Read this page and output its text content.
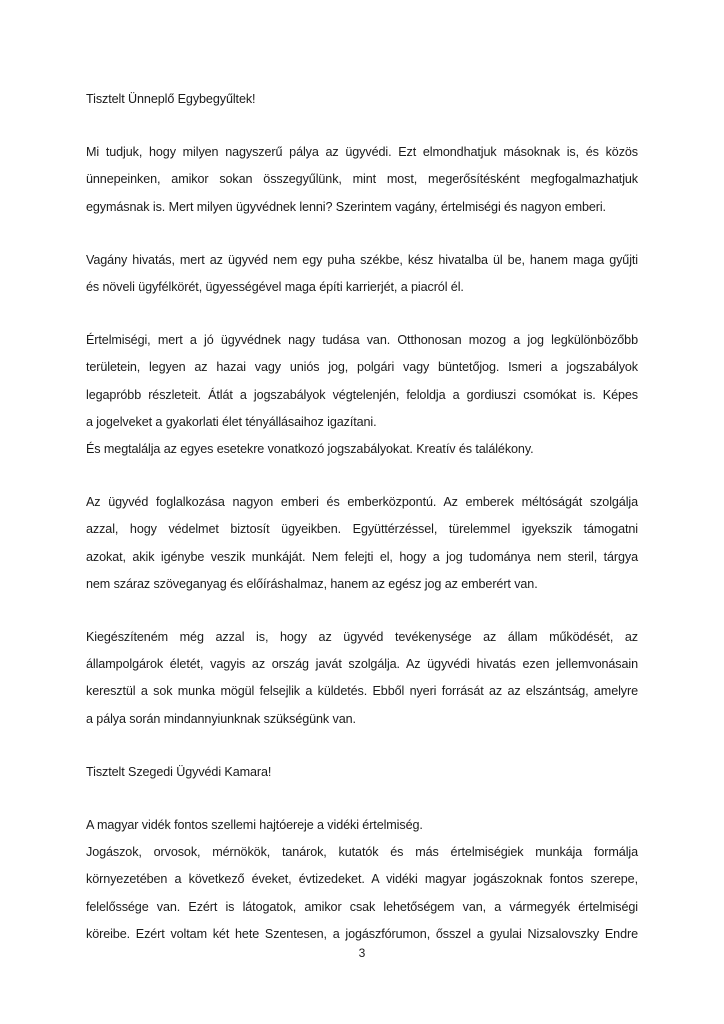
Tisztelt Ünneplő Egybegyűltek!

Mi tudjuk, hogy milyen nagyszerű pálya az ügyvédi. Ezt elmondhatjuk másoknak is, és közös
ünnepeinken, amikor sokan összegyűlünk, mint most, megerősítésként megfogalmazhatjuk
egymásnak is. Mert milyen ügyvédnek lenni? Szerintem vagány, értelmiségi és nagyon emberi.

Vagány hivatás, mert az ügyvéd nem egy puha székbe, kész hivatalba ül be, hanem maga gyűjti
és növeli ügyfélkörét, ügyességével maga építi karrierjét, a piacról él.

Értelmiségi, mert a jó ügyvédnek nagy tudása van. Otthonosan mozog a jog legkülönbözőbb
területein, legyen az hazai vagy uniós jog, polgári vagy büntetőjog. Ismeri a jogszabályok
legapróbb részleteit. Átlát a jogszabályok végtelenjén, feloldja a gordiuszi csomókat is. Képes
a jogelveket a gyakorlati élet tényállásaihoz igazítani.
És megtalálja az egyes esetekre vonatkozó jogszabályokat. Kreatív és találékony.

Az ügyvéd foglalkozása nagyon emberi és emberközpontú. Az emberek méltóságát szolgálja
azzal, hogy védelmet biztosít ügyeikben. Együttérzéssel, türelemmel igyekszik támogatni
azokat, akik igénybe veszik munkáját. Nem felejti el, hogy a jog tudománya nem steril, tárgya
nem száraz szöveganyag és előíráshalmaz, hanem az egész jog az emberért van.

Kiegészíteném még azzal is, hogy az ügyvéd tevékenysége az állam működését, az
állampolgárok életét, vagyis az ország javát szolgálja. Az ügyvédi hivatás ezen jellemvonásain
keresztül a sok munka mögül felsejlik a küldetés. Ebből nyeri forrását az az elszántság, amelyre
a pálya során mindannyiunknak szükségünk van.

Tisztelt Szegedi Ügyvédi Kamara!

A magyar vidék fontos szellemi hajtóereje a vidéki értelmiség.
Jogászok, orvosok, mérnökök, tanárok, kutatók és más értelmiségiek munkája formálja
környezetében a következő éveket, évtizedeket. A vidéki magyar jogászoknak fontos szerepe,
felelőssége van. Ezért is látogatok, amikor csak lehetőségem van, a vármegyék értelmiségi
köreibe. Ezért voltam két hete Szentesen, a jogászfórumon, ősszel a gyulai Nizsalovszky Endre

3
